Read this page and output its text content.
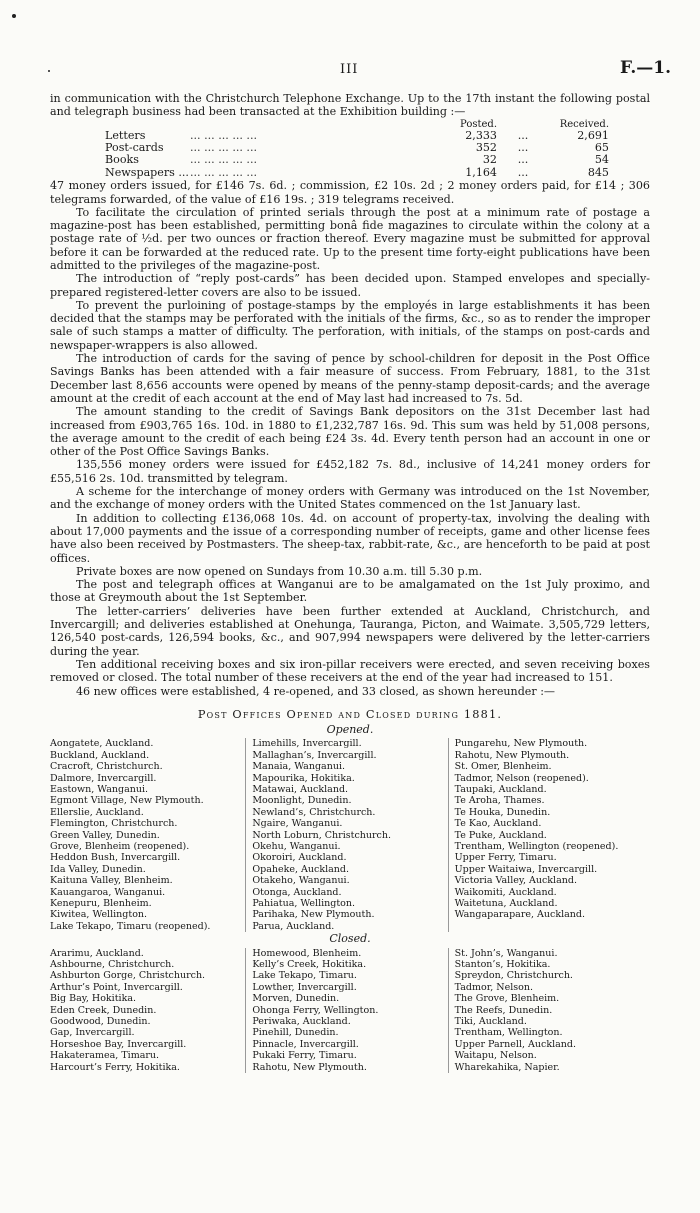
III	F.—1.

in communication with the Christchurch Telephone Exchange. Up to the 17th instant the following postal and telegraph business had been transacted at the Exhibition building :—

		Posted.		Received.
Letters	... ... ... ... ...	2,333	...	2,691
Post-cards	... ... ... ... ...	352	...	65
Books	... ... ... ... ...	32	...	54
Newspapers ...	... ... ... ... ...	1,164	...	845

47 money orders issued, for £146 7s. 6d. ; commission, £2 10s. 2d ; 2 money orders paid, for £14 ; 306 telegrams forwarded, of the value of £16 19s. ; 319 telegrams received.

To facilitate the circulation of printed serials through the post at a minimum rate of postage a magazine-post has been established, permitting bonâ fide magazines to circulate within the colony at a postage rate of ½d. per two ounces or fraction thereof. Every magazine must be submitted for approval before it can be forwarded at the reduced rate. Up to the present time forty-eight publications have been admitted to the privileges of the magazine-post.

The introduction of “reply post-cards” has been decided upon. Stamped envelopes and specially-prepared registered-letter covers are also to be issued.

To prevent the purloining of postage-stamps by the employés in large establishments it has been decided that the stamps may be perforated with the initials of the firms, &c., so as to render the improper sale of such stamps a matter of difficulty. The perforation, with initials, of the stamps on post-cards and newspaper-wrappers is also allowed.

The introduction of cards for the saving of pence by school-children for deposit in the Post Office Savings Banks has been attended with a fair measure of success. From February, 1881, to the 31st December last 8,656 accounts were opened by means of the penny-stamp deposit-cards; and the average amount at the credit of each account at the end of May last had increased to 7s. 5d.

The amount standing to the credit of Savings Bank depositors on the 31st December last had increased from £903,765 16s. 10d. in 1880 to £1,232,787 16s. 9d. This sum was held by 51,008 persons, the average amount to the credit of each being £24 3s. 4d. Every tenth person had an account in one or other of the Post Office Savings Banks.

135,556 money orders were issued for £452,182 7s. 8d., inclusive of 14,241 money orders for £55,516 2s. 10d. transmitted by telegram.

A scheme for the interchange of money orders with Germany was introduced on the 1st November, and the exchange of money orders with the United States commenced on the 1st January last.

In addition to collecting £136,068 10s. 4d. on account of property-tax, involving the dealing with about 17,000 payments and the issue of a corresponding number of receipts, game and other license fees have also been received by Postmasters. The sheep-tax, rabbit-rate, &c., are henceforth to be paid at post offices.

Private boxes are now opened on Sundays from 10.30 a.m. till 5.30 p.m.

The post and telegraph offices at Wanganui are to be amalgamated on the 1st July proximo, and those at Greymouth about the 1st September.

The letter-carriers’ deliveries have been further extended at Auckland, Christchurch, and Invercargill; and deliveries established at Onehunga, Tauranga, Picton, and Waimate. 3,505,729 letters, 126,540 post-cards, 126,594 books, &c., and 907,994 newspapers were delivered by the letter-carriers during the year.

Ten additional receiving boxes and six iron-pillar receivers were erected, and seven receiving boxes removed or closed. The total number of these receivers at the end of the year had increased to 151.

46 new offices were established, 4 re-opened, and 33 closed, as shown hereunder :—

Post Offices Opened and Closed during 1881.
Opened.
Aongatete, Auckland.
Buckland, Auckland.
Cracroft, Christchurch.
Dalmore, Invercargill.
Eastown, Wanganui.
Egmont Village, New Plymouth.
Ellerslie, Auckland.
Flemington, Christchurch.
Green Valley, Dunedin.
Grove, Blenheim (reopened).
Heddon Bush, Invercargill.
Ida Valley, Dunedin.
Kaituna Valley, Blenheim.
Kauangaroa, Wanganui.
Kenepuru, Blenheim.
Kiwitea, Wellington.
Lake Tekapo, Timaru (reopened).
Limehills, Invercargill.
Mallaghan’s, Invercargill.
Manaia, Wanganui.
Mapourika, Hokitika.
Matawai, Auckland.
Moonlight, Dunedin.
Newland’s, Christchurch.
Ngaire, Wanganui.
North Loburn, Christchurch.
Okehu, Wanganui.
Okoroiri, Auckland.
Opaheke, Auckland.
Otakeho, Wanganui.
Otonga, Auckland.
Pahiatua, Wellington.
Parihaka, New Plymouth.
Parua, Auckland.
Pungarehu, New Plymouth.
Rahotu, New Plymouth.
St. Omer, Blenheim.
Tadmor, Nelson (reopened).
Taupaki, Auckland.
Te Aroha, Thames.
Te Houka, Dunedin.
Te Kao, Auckland.
Te Puke, Auckland.
Trentham, Wellington (reopened).
Upper Ferry, Timaru.
Upper Waitaiwa, Invercargill.
Victoria Valley, Auckland.
Waikomiti, Auckland.
Waitetuna, Auckland.
Wangaparapare, Auckland.
Closed.
Ararimu, Auckland.
Ashbourne, Christchurch.
Ashburton Gorge, Christchurch.
Arthur’s Point, Invercargill.
Big Bay, Hokitika.
Eden Creek, Dunedin.
Goodwood, Dunedin.
Gap, Invercargill.
Horseshoe Bay, Invercargill.
Hakateramea, Timaru.
Harcourt’s Ferry, Hokitika.
Homewood, Blenheim.
Kelly’s Creek, Hokitika.
Lake Tekapo, Timaru.
Lowther, Invercargill.
Morven, Dunedin.
Ohonga Ferry, Wellington.
Periwaka, Auckland.
Pinehill, Dunedin.
Pinnacle, Invercargill.
Pukaki Ferry, Timaru.
Rahotu, New Plymouth.
St. John’s, Wanganui.
Stanton’s, Hokitika.
Spreydon, Christchurch.
Tadmor, Nelson.
The Grove, Blenheim.
The Reefs, Dunedin.
Tiki, Auckland.
Trentham, Wellington.
Upper Parnell, Auckland.
Waitapu, Nelson.
Wharekahika, Napier.
